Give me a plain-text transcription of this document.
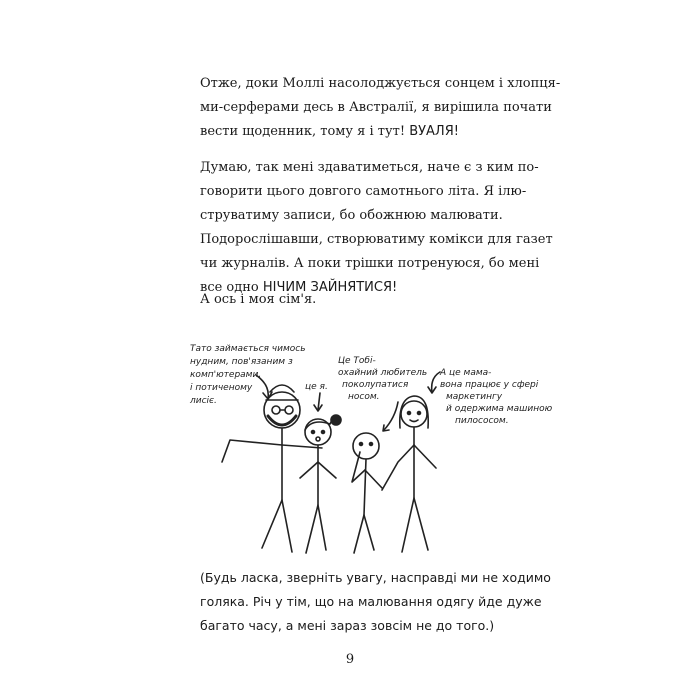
Отже, доки Моллі насолоджується сонцем і хлопця-
ми-серферами десь в Австралії, я вирішила почати
вести щоденник, тому я і тут! ВУАЛЯ!

Думаю, так мені здаватиметься, наче є з ким по-
говорити цього довгого самотнього літа. Я ілю-
струватиму записи, бо обожнюю малювати.
Подорослішавши, створюватиму комікси для газет
чи журналів. А поки трішки потренуюся, бо мені
все одно НІЧИМ ЗАЙНЯТИСЯ!

А ось і моя сім'я.

Тато займається чимось
нудним, пов'язаним з
комп'ютерами,
і потиченому
лисіє.
це я.
Це Тобі-
охайний любитель
поколупатися
носом.
А це мама-
вона працює у сфері
маркетингу
й одержима машиною
пилососом.

(Будь ласка, зверніть увагу, насправді ми не ходимо
голяка. Річ у тім, що на малювання одягу йде дуже
багато часу, а мені зараз зовсім не до того.)

9
